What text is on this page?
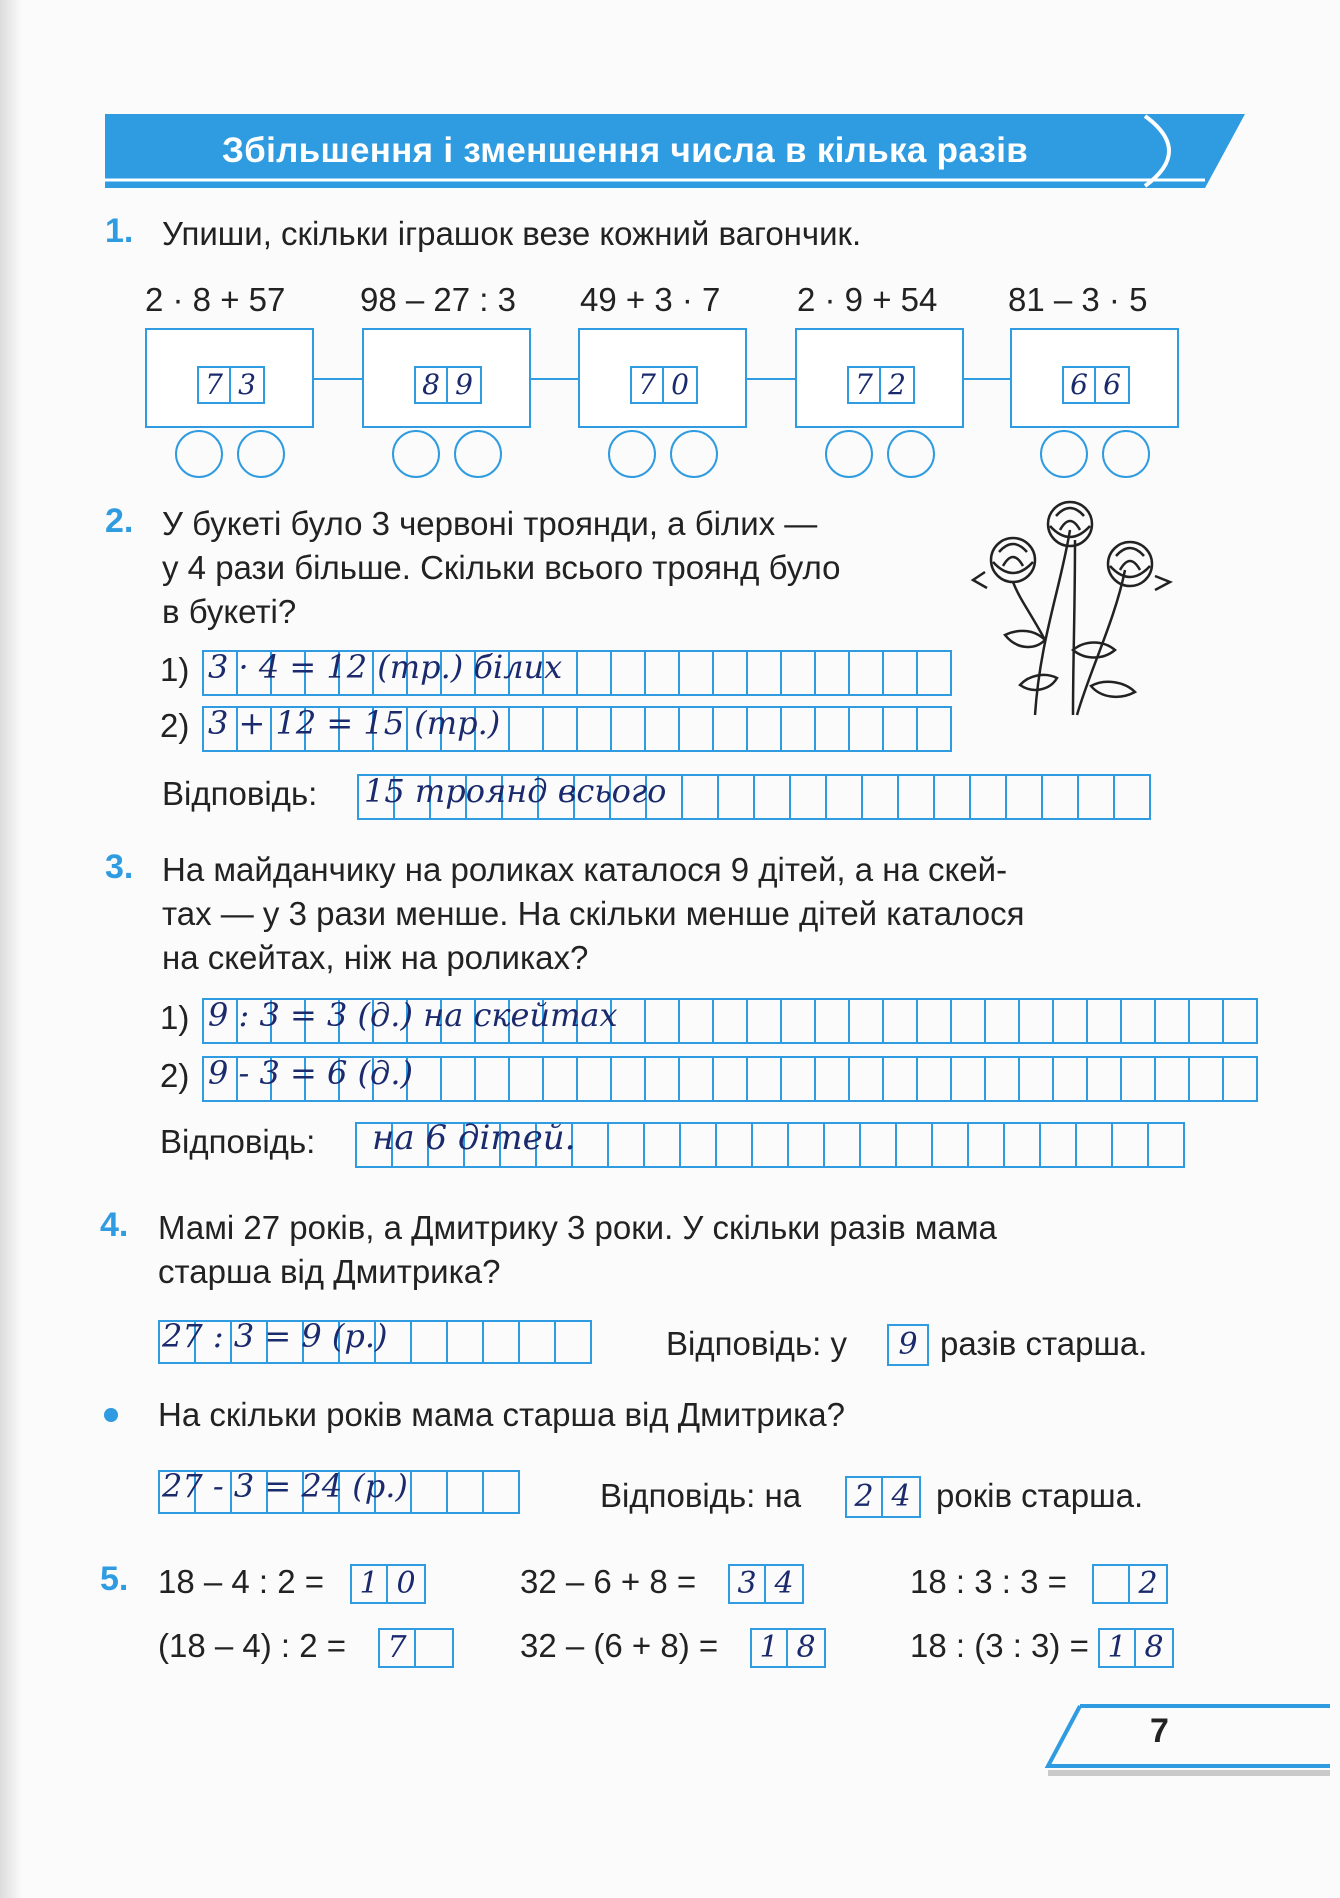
Збільшення і зменшення числа в кілька разів
1. Упиши, скільки іграшок везе кожний вагончик.
2 · 8 + 57
7 3
98 – 27 : 3
8 9
49 + 3 · 7
7 0
2 · 9 + 54
7 2
81 – 3 · 5
6 6
2. У букеті було 3 червоні троянди, а білих —
у 4 рази більше. Скільки всього троянд було
в букеті?
1) 3 · 4 = 12 (тр.) білих
2) 3 + 12 = 15 (тр.)
Відповідь: 15 троянд всього
3. На майданчику на роликах каталося 9 дітей, а на скей-
тах — у 3 рази менше. На скільки менше дітей каталося
на скейтах, ніж на роликах?
1) 9 : 3 = 3 (д.) на скейтах
2) 9 - 3 = 6 (д.)
Відповідь: на 6 дітей.
4. Мамі 27 років, а Дмитрику 3 роки. У скільки разів мама
старша від Дмитрика?
27 : 3 = 9 (р.)	Відповідь: у	9 разів старша.
На скільки років мама старша від Дмитрика?
27 - 3 = 24 (р.)	Відповідь: на 2 4 років старша.
5. 18 – 4 : 2 = 1 0	32 – 6 + 8 = 3 4	18 : 3 : 3 = 2
(18 – 4) : 2 = 7	32 – (6 + 8) = 1 8	18 : (3 : 3) = 1 8
7
